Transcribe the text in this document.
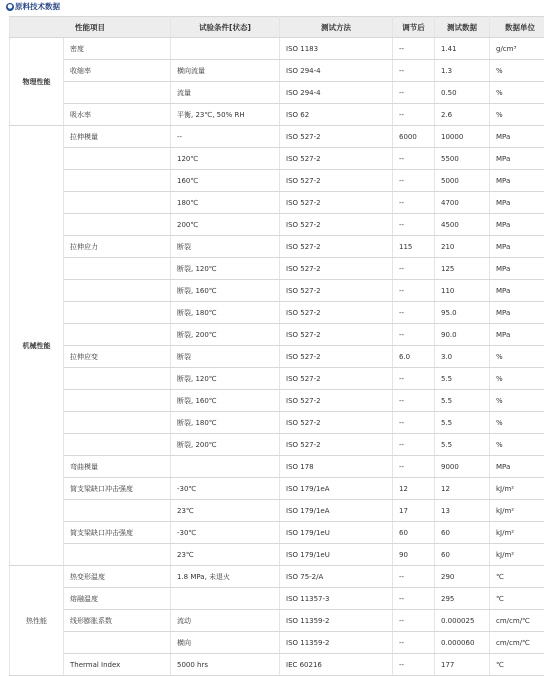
● 原料技术数据
性能项目		试验条件[状态]	测试方法	调节后	测试数据	数据单位
物理性能	密度		ISO 1183	--	1.41	g/cm³
	收缩率	横向流量	ISO 294-4	--	1.3	%
		流量	ISO 294-4	--	0.50	%
	吸水率	平衡, 23℃, 50% RH	ISO 62	--	2.6	%
机械性能	拉伸模量	--	ISO 527-2	6000	10000	MPa
		120℃	ISO 527-2	--	5500	MPa
		160℃	ISO 527-2	--	5000	MPa
		180℃	ISO 527-2	--	4700	MPa
		200℃	ISO 527-2	--	4500	MPa
	拉伸应力	断裂	ISO 527-2	115	210	MPa
		断裂, 120℃	ISO 527-2	--	125	MPa
		断裂, 160℃	ISO 527-2	--	110	MPa
		断裂, 180℃	ISO 527-2	--	95.0	MPa
		断裂, 200℃	ISO 527-2	--	90.0	MPa
	拉伸应变	断裂	ISO 527-2	6.0	3.0	%
		断裂, 120℃	ISO 527-2	--	5.5	%
		断裂, 160℃	ISO 527-2	--	5.5	%
		断裂, 180℃	ISO 527-2	--	5.5	%
		断裂, 200℃	ISO 527-2	--	5.5	%
	弯曲模量		ISO 178	--	9000	MPa
	简支梁缺口冲击强度	-30℃	ISO 179/1eA	12	12	kJ/m²
		23℃	ISO 179/1eA	17	13	kJ/m²
	简支梁缺口冲击强度	-30℃	ISO 179/1eU	60	60	kJ/m²
		23℃	ISO 179/1eU	90	60	kJ/m²
热性能	热变形温度	1.8 MPa, 未退火	ISO 75-2/A	--	290	℃
	熔融温度		ISO 11357-3	--	295	℃
	线形膨胀系数	流动	ISO 11359-2	--	0.000025	cm/cm/℃
		横向	ISO 11359-2	--	0.000060	cm/cm/℃
	Thermal Index	5000 hrs	IEC 60216	--	177	℃
